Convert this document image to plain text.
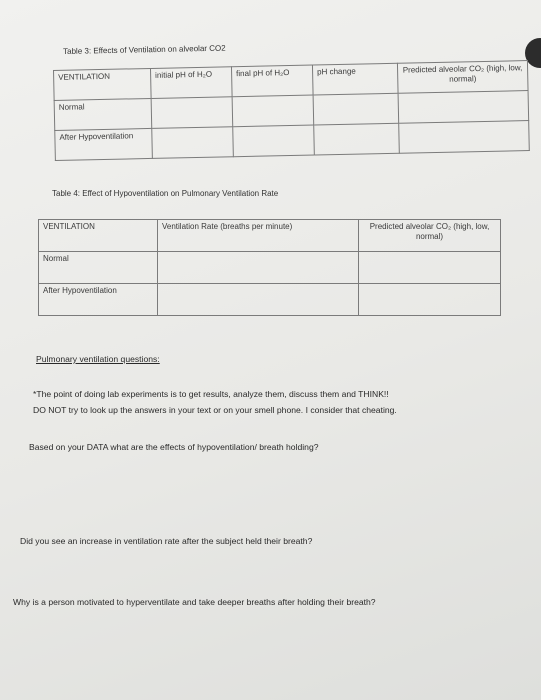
Table 3: Effects of Ventilation on alveolar CO2
VENTILATION	initial pH of H₂O	final pH of H₂O	pH change	Predicted alveolar CO₂ (high, low, normal)
Normal				
After Hypoventilation				
Table 4: Effect of Hypoventilation on Pulmonary Ventilation Rate
VENTILATION	Ventilation Rate (breaths per minute)	Predicted alveolar CO₂ (high, low, normal)
Normal		
After Hypoventilation		
Pulmonary ventilation questions:
*The point of doing lab experiments is to get results, analyze them, discuss them and THINK!!
DO NOT try to look up the answers in your text or on your smell phone. I consider that cheating.
Based on your DATA what are the effects of hypoventilation/ breath holding?
Did you see an increase in ventilation rate after the subject held their breath?
Why is a person motivated to hyperventilate and take deeper breaths after holding their breath?
